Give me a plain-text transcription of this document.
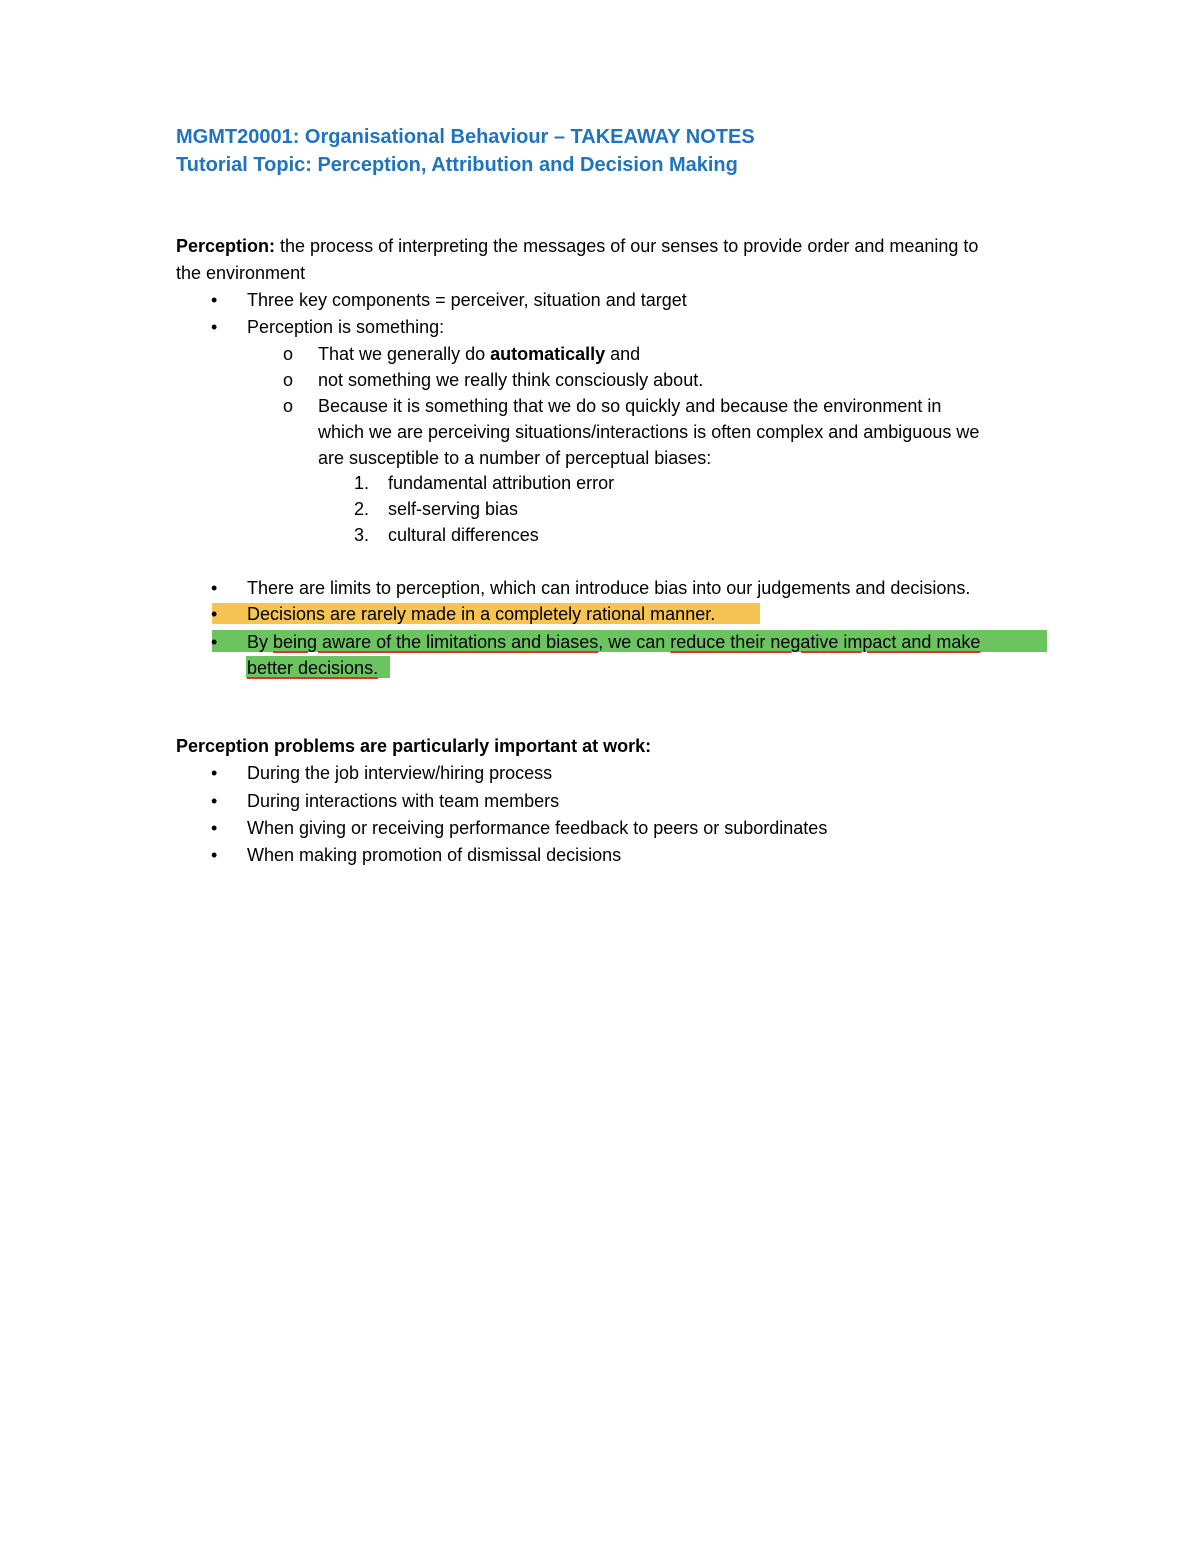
MGMT20001: Organisational Behaviour – TAKEAWAY NOTES
Tutorial Topic: Perception, Attribution and Decision Making
Perception: the process of interpreting the messages of our senses to provide order and meaning to
the environment
• Three key components = perceiver, situation and target
• Perception is something:
o That we generally do automatically and
o not something we really think consciously about.
o Because it is something that we do so quickly and because the environment in
which we are perceiving situations/interactions is often complex and ambiguous we
are susceptible to a number of perceptual biases:
1. fundamental attribution error
2. self-serving bias
3. cultural differences
• There are limits to perception, which can introduce bias into our judgements and decisions.
• Decisions are rarely made in a completely rational manner.
• By being aware of the limitations and biases, we can reduce their negative impact and make
better decisions.
Perception problems are particularly important at work:
• During the job interview/hiring process
• During interactions with team members
• When giving or receiving performance feedback to peers or subordinates
• When making promotion of dismissal decisions
